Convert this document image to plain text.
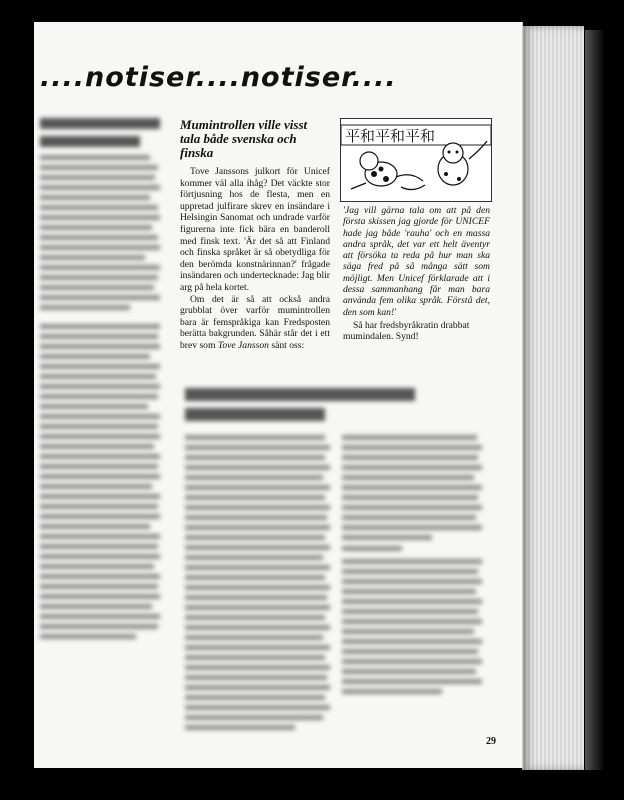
....notiser....notiser....
Mumintrollen ville visst tala både svenska och finska

Tove Janssons julkort för Unicef kommer väl alla ihåg? Det väckte stor förtjusning hos de flesta, men en uppretad julfirare skrev en insändare i Helsingin Sanomat och undrade varför figurerna inte fick bära en banderoll med finsk text. 'Är det så att Finland och finska språket är så obetydliga för den berömda konstnärinnan?' frågade insändaren och undertecknade: Jag blir arg på hela kortet.

Om det är så att också andra grubblat över varför mumintrollen bara är femspråkiga kan Fredsposten berätta bakgrunden. Såhär står det i ett brev som Tove Jansson sänt oss:

平和平和平和

'Jag vill gärna tala om att på den första skissen jag gjorde för UNICEF hade jag både 'rauha' och en massa andra språk, det var ett helt äventyr att försöka ta reda på hur man ska säga fred på så många sätt som möjligt. Men Unicef förklarade att i dessa sammanhang får man bara använda fem olika språk. Förstå det, den som kan!'

Så har fredsbyråkratin drabbat mumindalen. Synd!

29
